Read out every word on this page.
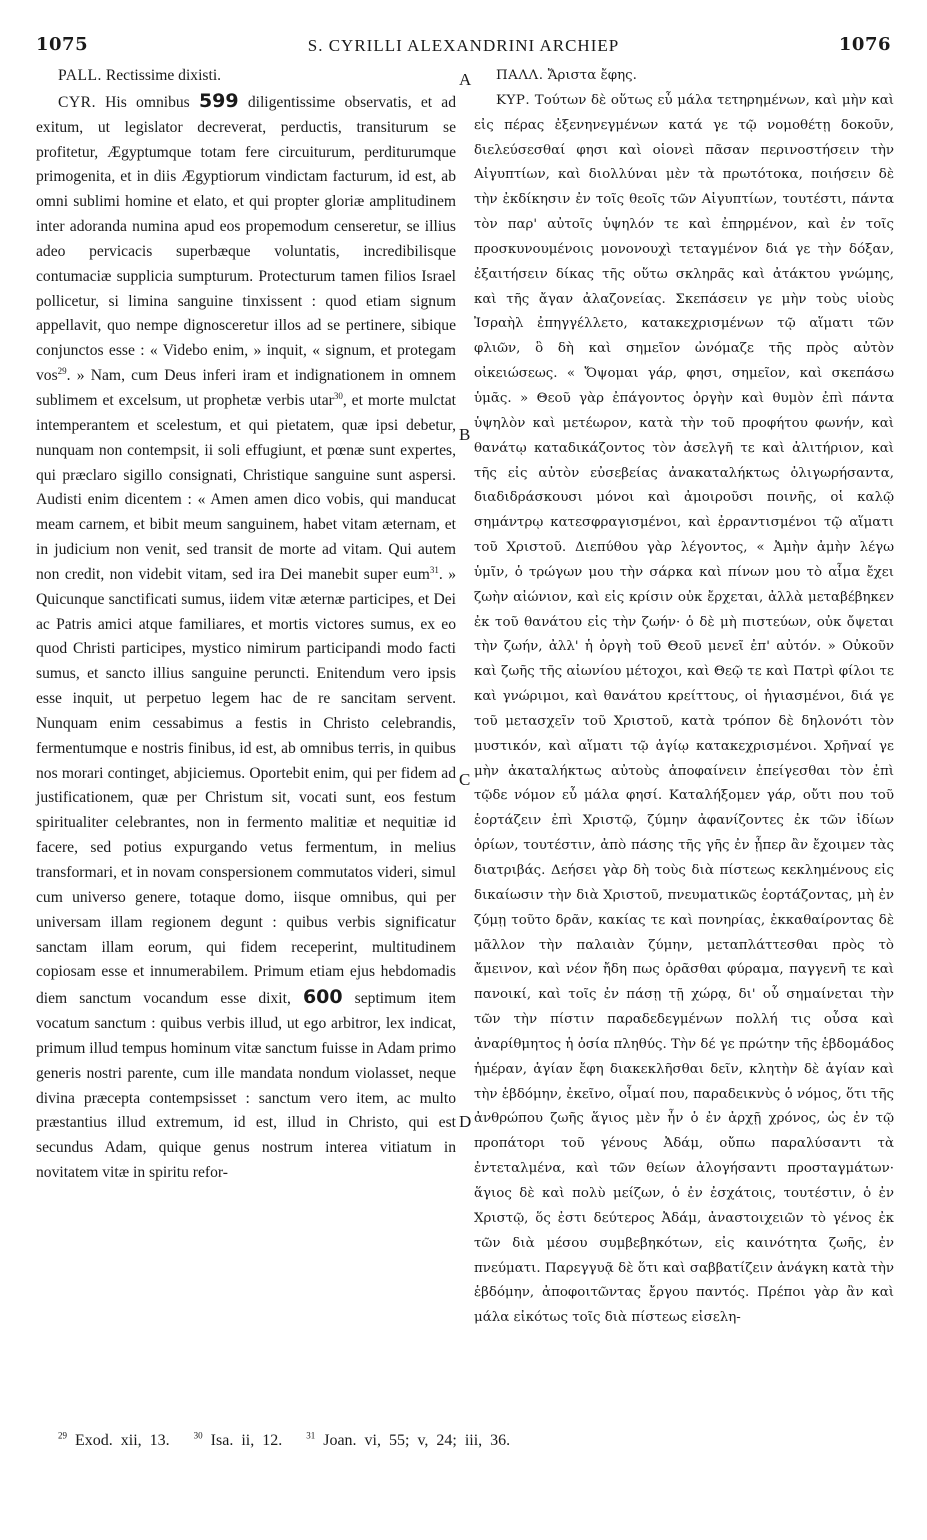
1075	S. CYRILLI ALEXANDRINI ARCHIEP	1076

PALL. Rectissime dixisti.

CYR. His omnibus 599 diligentissime observatis, et ad exitum, ut legislator decreverat, perductis, transiturum se profitetur, Ægyptumque totam fere circuiturum, perditurumque primogenita, et in diis Ægyptiorum vindictam facturum, id est, ab omni sublimi homine et elato, et qui propter gloriæ amplitudinem inter adoranda numina apud eos propemodum censeretur, se illius adeo pervicacis superbæque voluntatis, incredibilisque contumaciæ supplicia sumpturum. Protecturum tamen filios Israel pollicetur, si limina sanguine tinxissent : quod etiam signum appellavit, quo nempe dignosceretur illos ad se pertinere, sibique conjunctos esse : « Videbo enim, » inquit, « signum, et protegam vos$^{29}$. » Nam, cum Deus inferi iram et indignationem in omnem sublimem et excelsum, ut prophetæ verbis utar$^{30}$, et morte mulctat intemperantem et scelestum, et qui pietatem, quæ ipsi debetur, nunquam non contempsit, ii soli effugiunt, et pœnæ sunt expertes, qui præclaro sigillo consignati, Christique sanguine sunt aspersi. Audisti enim dicentem : « Amen amen dico vobis, qui manducat meam carnem, et bibit meum sanguinem, habet vitam æternam, et in judicium non venit, sed transit de morte ad vitam. Qui autem non credit, non videbit vitam, sed ira Dei manebit super eum$^{31}$. » Quicunque sanctificati sumus, iidem vitæ æternæ participes, et Dei ac Patris amici atque familiares, et mortis victores sumus, ex eo quod Christi participes, mystico nimirum participandi modo facti sumus, et sancto illius sanguine perunct​i. Enitendum vero ipsis esse inquit, ut perpetuo legem hac de re sancitam servent. Nunquam enim cessabimus a festis in Christo celebrandis, fermentumque e nostris finibus, id est, ab omnibus terris, in quibus nos morari continget, abjiciemus. Oportebit enim, qui per fidem ad justificationem, quæ per Christum sit, vocati sunt, eos festum spiritualiter celebrantes, non in fermento malitiæ et nequitiæ id facere, sed potius expurgando vetus fermentum, in melius transformari, et in novam conspersionem commutatos videri, simul cum universo genere, totaque domo, iisque omnibus, qui per universam illam regionem degunt : quibus verbis significatur sanctam illam eorum, qui fidem receperint, multitudinem copiosam esse et innumerabilem. Primum etiam ejus hebdomadis diem sanctum vocandum esse dixit, 600 septimum item vocatum sanctum : quibus verbis illud, ut ego arbitror, lex indicat, primum illud tempus hominum vitæ sanctum fuisse in Adam primo generis nostri parente, cum ille mandata nondum violasset, neque divina præcepta contempsisset : sanctum vero item, ac multo præstantius illud extremum, id est, illud in Christo, qui est secundus Adam, quique genus nostrum interea vitiatum in novitatem vitæ in spiritu refor-

A
B
C
D

ΠΑΛΛ. Ἄριστα ἔφης.

ΚΥΡ. Τούτων δὲ οὕτως εὖ μάλα τετηρημένων, καὶ μὴν καὶ εἰς πέρας ἐξενηνεγμένων κατά γε τῷ νομοθέτῃ δοκοῦν, διελεύσεσθαί φησι καὶ οἱονεὶ πᾶσαν περινοστήσειν τὴν Αἰγυπτίων, καὶ διολλύναι μὲν τὰ πρωτότοκα, ποιήσειν δὲ τὴν ἐκδίκησιν ἐν τοῖς θεοῖς τῶν Αἰγυπτίων, τουτέστι, πάντα τὸν παρ' αὐτοῖς ὑψηλόν τε καὶ ἐπηρμένον, καὶ ἐν τοῖς προσκυνουμένοις μονονουχὶ τεταγμένον διά γε τὴν δόξαν, ἐξαιτήσειν δίκας τῆς οὕτω σκληρᾶς καὶ ἀτάκτου γνώμης, καὶ τῆς ἄγαν ἀλαζονείας. Σκεπάσειν γε μὴν τοὺς υἱοὺς Ἰσραὴλ ἐπηγγέλλετο, κατακεχρισμένων τῷ αἵματι τῶν φλιῶν, ὃ δὴ καὶ σημεῖον ὠνόμαζε τῆς πρὸς αὐτὸν οἰκειώσεως. « Ὄψομαι γάρ, φησι, σημεῖον, καὶ σκεπάσω ὑμᾶς. » Θεοῦ γὰρ ἐπάγοντος ὀργὴν καὶ θυμὸν ἐπὶ πάντα ὑψηλὸν καὶ μετέωρον, κατὰ τὴν τοῦ προφήτου φωνήν, καὶ θανάτῳ καταδικάζοντος τὸν ἀσελγῆ τε καὶ ἀλιτήριον, καὶ τῆς εἰς αὐτὸν εὐσεβείας ἀνακαταλήκτως ὀλιγωρήσαντα, διαδιδράσκουσι μόνοι καὶ ἀμοιροῦσι ποινῆς, οἱ καλῷ σημάντρῳ κατεσφραγισμένοι, καὶ ἐρραντισμένοι τῷ αἵματι τοῦ Χριστοῦ. Διεπύθου γὰρ λέγοντος, « Ἀμὴν ἀμὴν λέγω ὑμῖν, ὁ τρώγων μου τὴν σάρκα καὶ πίνων μου τὸ αἷμα ἔχει ζωὴν αἰώνιον, καὶ εἰς κρίσιν οὐκ ἔρχεται, ἀλλὰ μεταβέβηκεν ἐκ τοῦ θανάτου εἰς τὴν ζωήν· ὁ δὲ μὴ πιστεύων, οὐκ ὄψεται τὴν ζωήν, ἀλλ' ἡ ὀργὴ τοῦ Θεοῦ μενεῖ ἐπ' αὐτόν. » Οὐκοῦν καὶ ζωῆς τῆς αἰωνίου μέτοχοι, καὶ Θεῷ τε καὶ Πατρὶ φίλοι τε καὶ γνώριμοι, καὶ θανάτου κρείττους, οἱ ἡγιασμένοι, διά γε τοῦ μετασχεῖν τοῦ Χριστοῦ, κατὰ τρόπον δὲ δηλονότι τὸν μυστικόν, καὶ αἵματι τῷ ἁγίῳ κατακεχρισμένοι. Χρῆναί γε μὴν ἀκαταλήκτως αὐτοὺς ἀποφαίνειν ἐπείγεσθαι τὸν ἐπὶ τῷδε νόμον εὖ μάλα φησί. Καταλήξομεν γάρ, οὔτι που τοῦ ἑορτάζειν ἐπὶ Χριστῷ, ζύμην ἀφανίζοντες ἐκ τῶν ἰδίων ὁρίων, τουτέστιν, ἀπὸ πάσης τῆς γῆς ἐν ᾗπερ ἂν ἔχοιμεν τὰς διατριβάς. Δεήσει γὰρ δὴ τοὺς διὰ πίστεως κεκλημένους εἰς δικαίωσιν τὴν διὰ Χριστοῦ, πνευματικῶς ἑορτάζοντας, μὴ ἐν ζύμῃ τοῦτο δρᾶν, κακίας τε καὶ πονηρίας, ἐκκαθαίροντας δὲ μᾶλλον τὴν παλαιὰν ζύμην, μεταπλάττεσθαι πρὸς τὸ ἄμεινον, καὶ νέον ἤδη πως ὁρᾶσθαι φύραμα, παγγενῆ τε καὶ πανοικί, καὶ τοῖς ἐν πάσῃ τῇ χώρᾳ, δι' οὗ σημαίνεται τὴν τῶν τὴν πίστιν παραδεδεγμένων πολλή τις οὖσα καὶ ἀναρίθμητος ἡ ὁσία πληθύς. Τὴν δέ γε πρώτην τῆς ἑβδομάδος ἡμέραν, ἁγίαν ἔφη διακεκλῆσθαι δεῖν, κλητὴν δὲ ἁγίαν καὶ τὴν ἑβδόμην, ἐκεῖνο, οἶμαί που, παραδεικνὺς ὁ νόμος, ὅτι τῆς ἀνθρώπου ζωῆς ἅγιος μὲν ἦν ὁ ἐν ἀρχῇ χρόνος, ὡς ἐν τῷ προπάτορι τοῦ γένους Ἀδάμ, οὔπω παραλύσαντι τὰ ἐντεταλμένα, καὶ τῶν θείων ἀλογήσαντι προσταγμάτων· ἅγιος δὲ καὶ πολὺ μείζων, ὁ ἐν ἐσχάτοις, τουτέστιν, ὁ ἐν Χριστῷ, ὅς ἐστι δεύτερος Ἀδάμ, ἀναστοιχειῶν τὸ γένος ἐκ τῶν διὰ μέσου συμβεβηκότων, εἰς καινότητα ζωῆς, ἐν πνεύματι. Παρεγγυᾷ δὲ ὅτι καὶ σαββατίζειν ἀνάγκη κατὰ τὴν ἑβδόμην, ἀποφοιτῶντας ἔργου παντός. Πρέποι γὰρ ἂν καὶ μάλα εἰκότως τοῖς διὰ πίστεως εἰσελη-

$^{29}$ Exod. xii, 13.	$^{30}$ Isa. ii, 12.	$^{31}$ Joan. vi, 55; v, 24; iii, 36.
